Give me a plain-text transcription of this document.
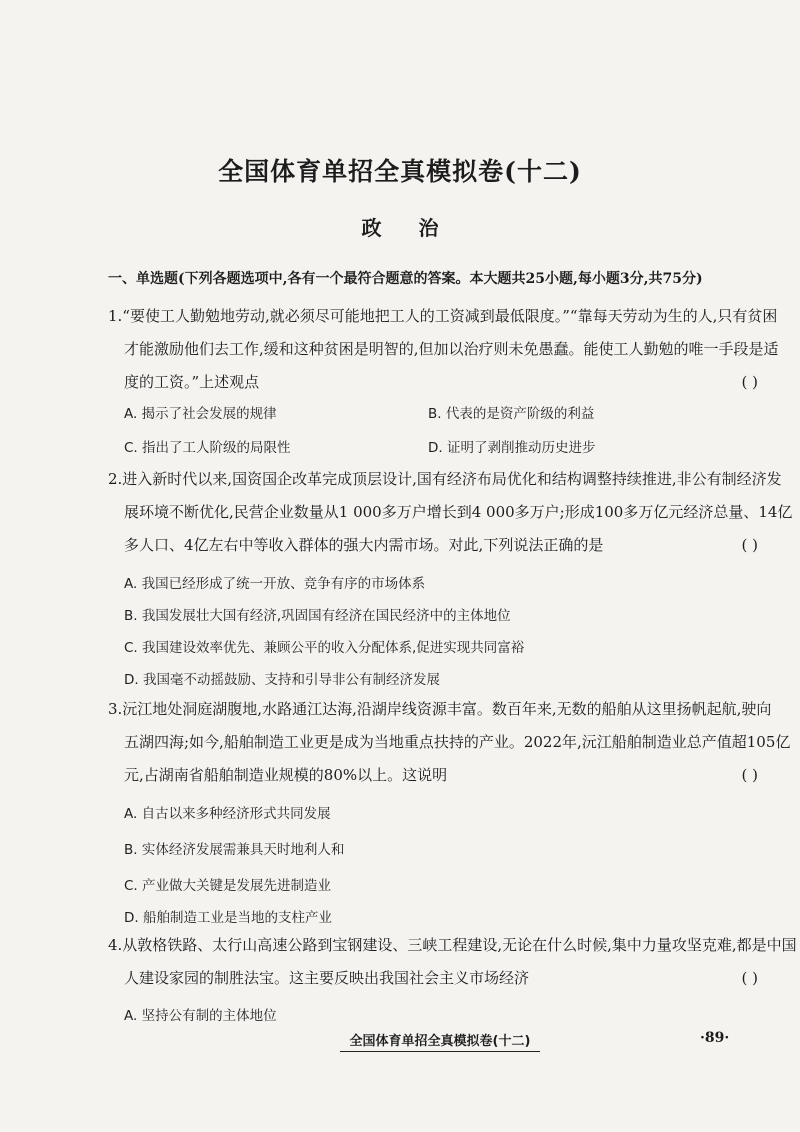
全国体育单招全真模拟卷(十二)
政 治
一、单选题(下列各题选项中,各有一个最符合题意的答案。本大题共25小题,每小题3分,共75分)
1.“要使工人勤勉地劳动,就必须尽可能地把工人的工资减到最低限度。”“靠每天劳动为生的人,只有贫困
才能激励他们去工作,缓和这种贫困是明智的,但加以治疗则未免愚蠢。能使工人勤勉的唯一手段是适
度的工资。”上述观点	( )
A. 揭示了社会发展的规律	B. 代表的是资产阶级的利益
C. 指出了工人阶级的局限性	D. 证明了剥削推动历史进步
2.进入新时代以来,国资国企改革完成顶层设计,国有经济布局优化和结构调整持续推进,非公有制经济发
展环境不断优化,民营企业数量从1 000多万户增长到4 000多万户;形成100多万亿元经济总量、14亿
多人口、4亿左右中等收入群体的强大内需市场。对此,下列说法正确的是	( )
A. 我国已经形成了统一开放、竞争有序的市场体系
B. 我国发展壮大国有经济,巩固国有经济在国民经济中的主体地位
C. 我国建设效率优先、兼顾公平的收入分配体系,促进实现共同富裕
D. 我国毫不动摇鼓励、支持和引导非公有制经济发展
3.沅江地处洞庭湖腹地,水路通江达海,沿湖岸线资源丰富。数百年来,无数的船舶从这里扬帆起航,驶向
五湖四海;如今,船舶制造工业更是成为当地重点扶持的产业。2022年,沅江船舶制造业总产值超105亿
元,占湖南省船舶制造业规模的80%以上。这说明	( )
A. 自古以来多种经济形式共同发展
B. 实体经济发展需兼具天时地利人和
C. 产业做大关键是发展先进制造业
D. 船舶制造工业是当地的支柱产业
4.从敦格铁路、太行山高速公路到宝钢建设、三峡工程建设,无论在什么时候,集中力量攻坚克难,都是中国
人建设家园的制胜法宝。这主要反映出我国社会主义市场经济	( )
A. 坚持公有制的主体地位
全国体育单招全真模拟卷(十二)	·89·
